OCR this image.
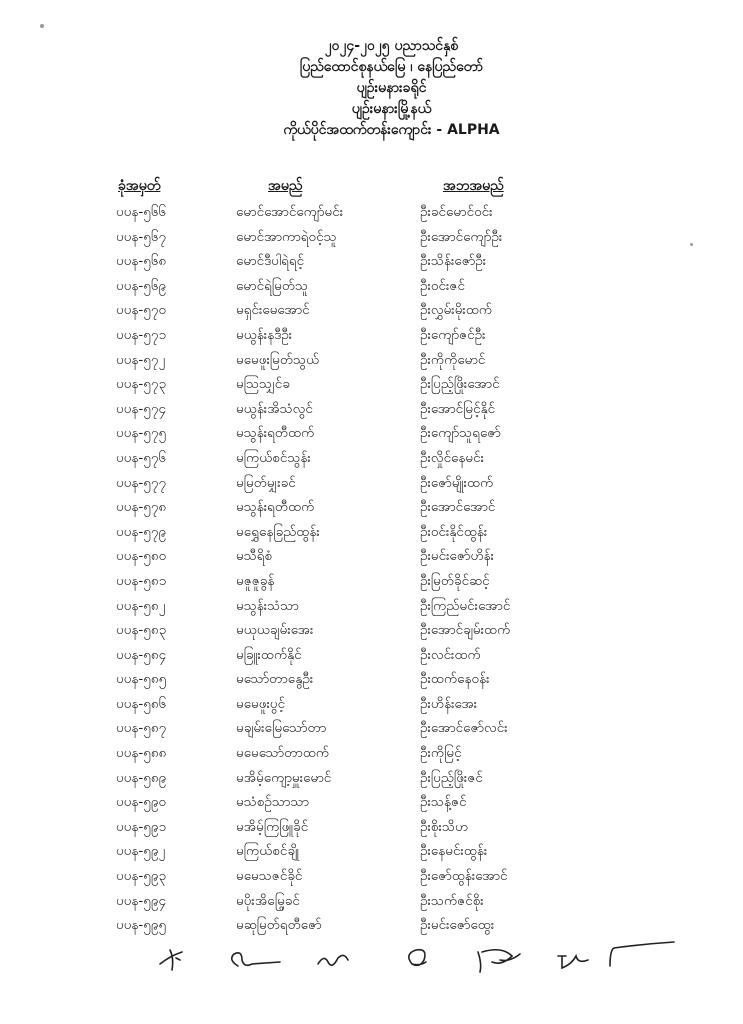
၂၀၂၄-၂၀၂၅ ပညာသင်နှစ်
ပြည်ထောင်စုနယ်မြေ ၊ နေပြည်တော်
ပျဉ်းမနားခရိုင်
ပျဉ်းမနားမြို့နယ်
ကိုယ်ပိုင်အထက်တန်းကျောင်း - ALPHA
ခုံအမှတ်	အမည်	အဘအမည်
ပပန-၅၆၆	မောင်အောင်ကျော်မင်း	ဦးခင်မောင်ဝင်း
ပပန-၅၆၇	မောင်အာကာရဲဝင့်သူ	ဦးအောင်ကျော်ဦး
ပပန-၅၆၈	မောင်ဒီပါရဲရင့်	ဦးသိန်းဇော်ဦး
ပပန-၅၆၉	မောင်ရဲမြတ်သူ	ဦးဝင်းဇင်
ပပန-၅၇၀	မရှင်းမေအောင်	ဦးလွှမ်းမိုးထက်
ပပန-၅၇၁	မယွန်းနဒီဦး	ဦးကျော်ဇင်ဦး
ပပန-၅၇၂	မမေဖူးမြတ်သွယ်	ဦးကိုကိုမောင်
ပပန-၅၇၃	မသြသျှင်ခ	ဦးပြည့်ဖြိုးအောင်
ပပန-၅၇၄	မယွန်းအိသံလွင်	ဦးအောင်မြင့်နိုင်
ပပန-၅၇၅	မသွန်းရတီထက်	ဦးကျော်သူရဇော်
ပပန-၅၇၆	မကြယ်စင်သွန်း	ဦးလှိုင်နေမင်း
ပပန-၅၇၇	မမြတ်မျှးခင်	ဦးဇော်မျိုးထက်
ပပန-၅၇၈	မသွန်းရတီထက်	ဦးအောင်အောင်
ပပန-၅၇၉	မရွှေနေခြည်ထွန်း	ဦးဝင်းနိုင်ထွန်း
ပပန-၅၈၀	မသီရိစံ	ဦးမင်းဇော်ဟိန်း
ပပန-၅၈၁	မဇူဇူခွန်	ဦးမြတ်ခိုင်ဆင့်
ပပန-၅၈၂	မသွန်းသံသာ	ဦးကြည်မင်းအောင်
ပပန-၅၈၃	မယုယချမ်းအေး	ဦးအောင်ချမ်းထက်
ပပန-၅၈၄	မခြူးထက်နိုင်	ဦးလင်းထက်
ပပန-၅၈၅	မသော်တာနွေဦး	ဦးထက်နေဝန်း
ပပန-၅၈၆	မမေဖူးပွင့်	ဦးဟိန်းအေး
ပပန-၅၈၇	မချမ်းမြေသော်တာ	ဦးအောင်ဇော်လင်း
ပပန-၅၈၈	မမေသော်တာထက်	ဦးကိုမြင့်
ပပန-၅၈၉	မအိမ့်ကျော့မှူးမောင်	ဦးပြည့်ဖြိုးဇင်
ပပန-၅၉၀	မသံစဉ်သာသာ	ဦးသန့်ဇင်
ပပန-၅၉၁	မအိမ့်ကြဖြူခိုင်	ဦးစိုးသိဟ
ပပန-၅၉၂	မကြယ်စင်ချို	ဦးနေမင်းထွန်း
ပပန-၅၉၃	မမေသဇင်ခိုင်	ဦးဇော်ထွန်းအောင်
ပပန-၅၉၄	မပိုးအိမ္ဂြေခင်	ဦးသက်ဇင်စိုး
ပပန-၅၉၅	မဆုမြတ်ရတီဇော်	ဦးမင်းဇော်ထွေး
